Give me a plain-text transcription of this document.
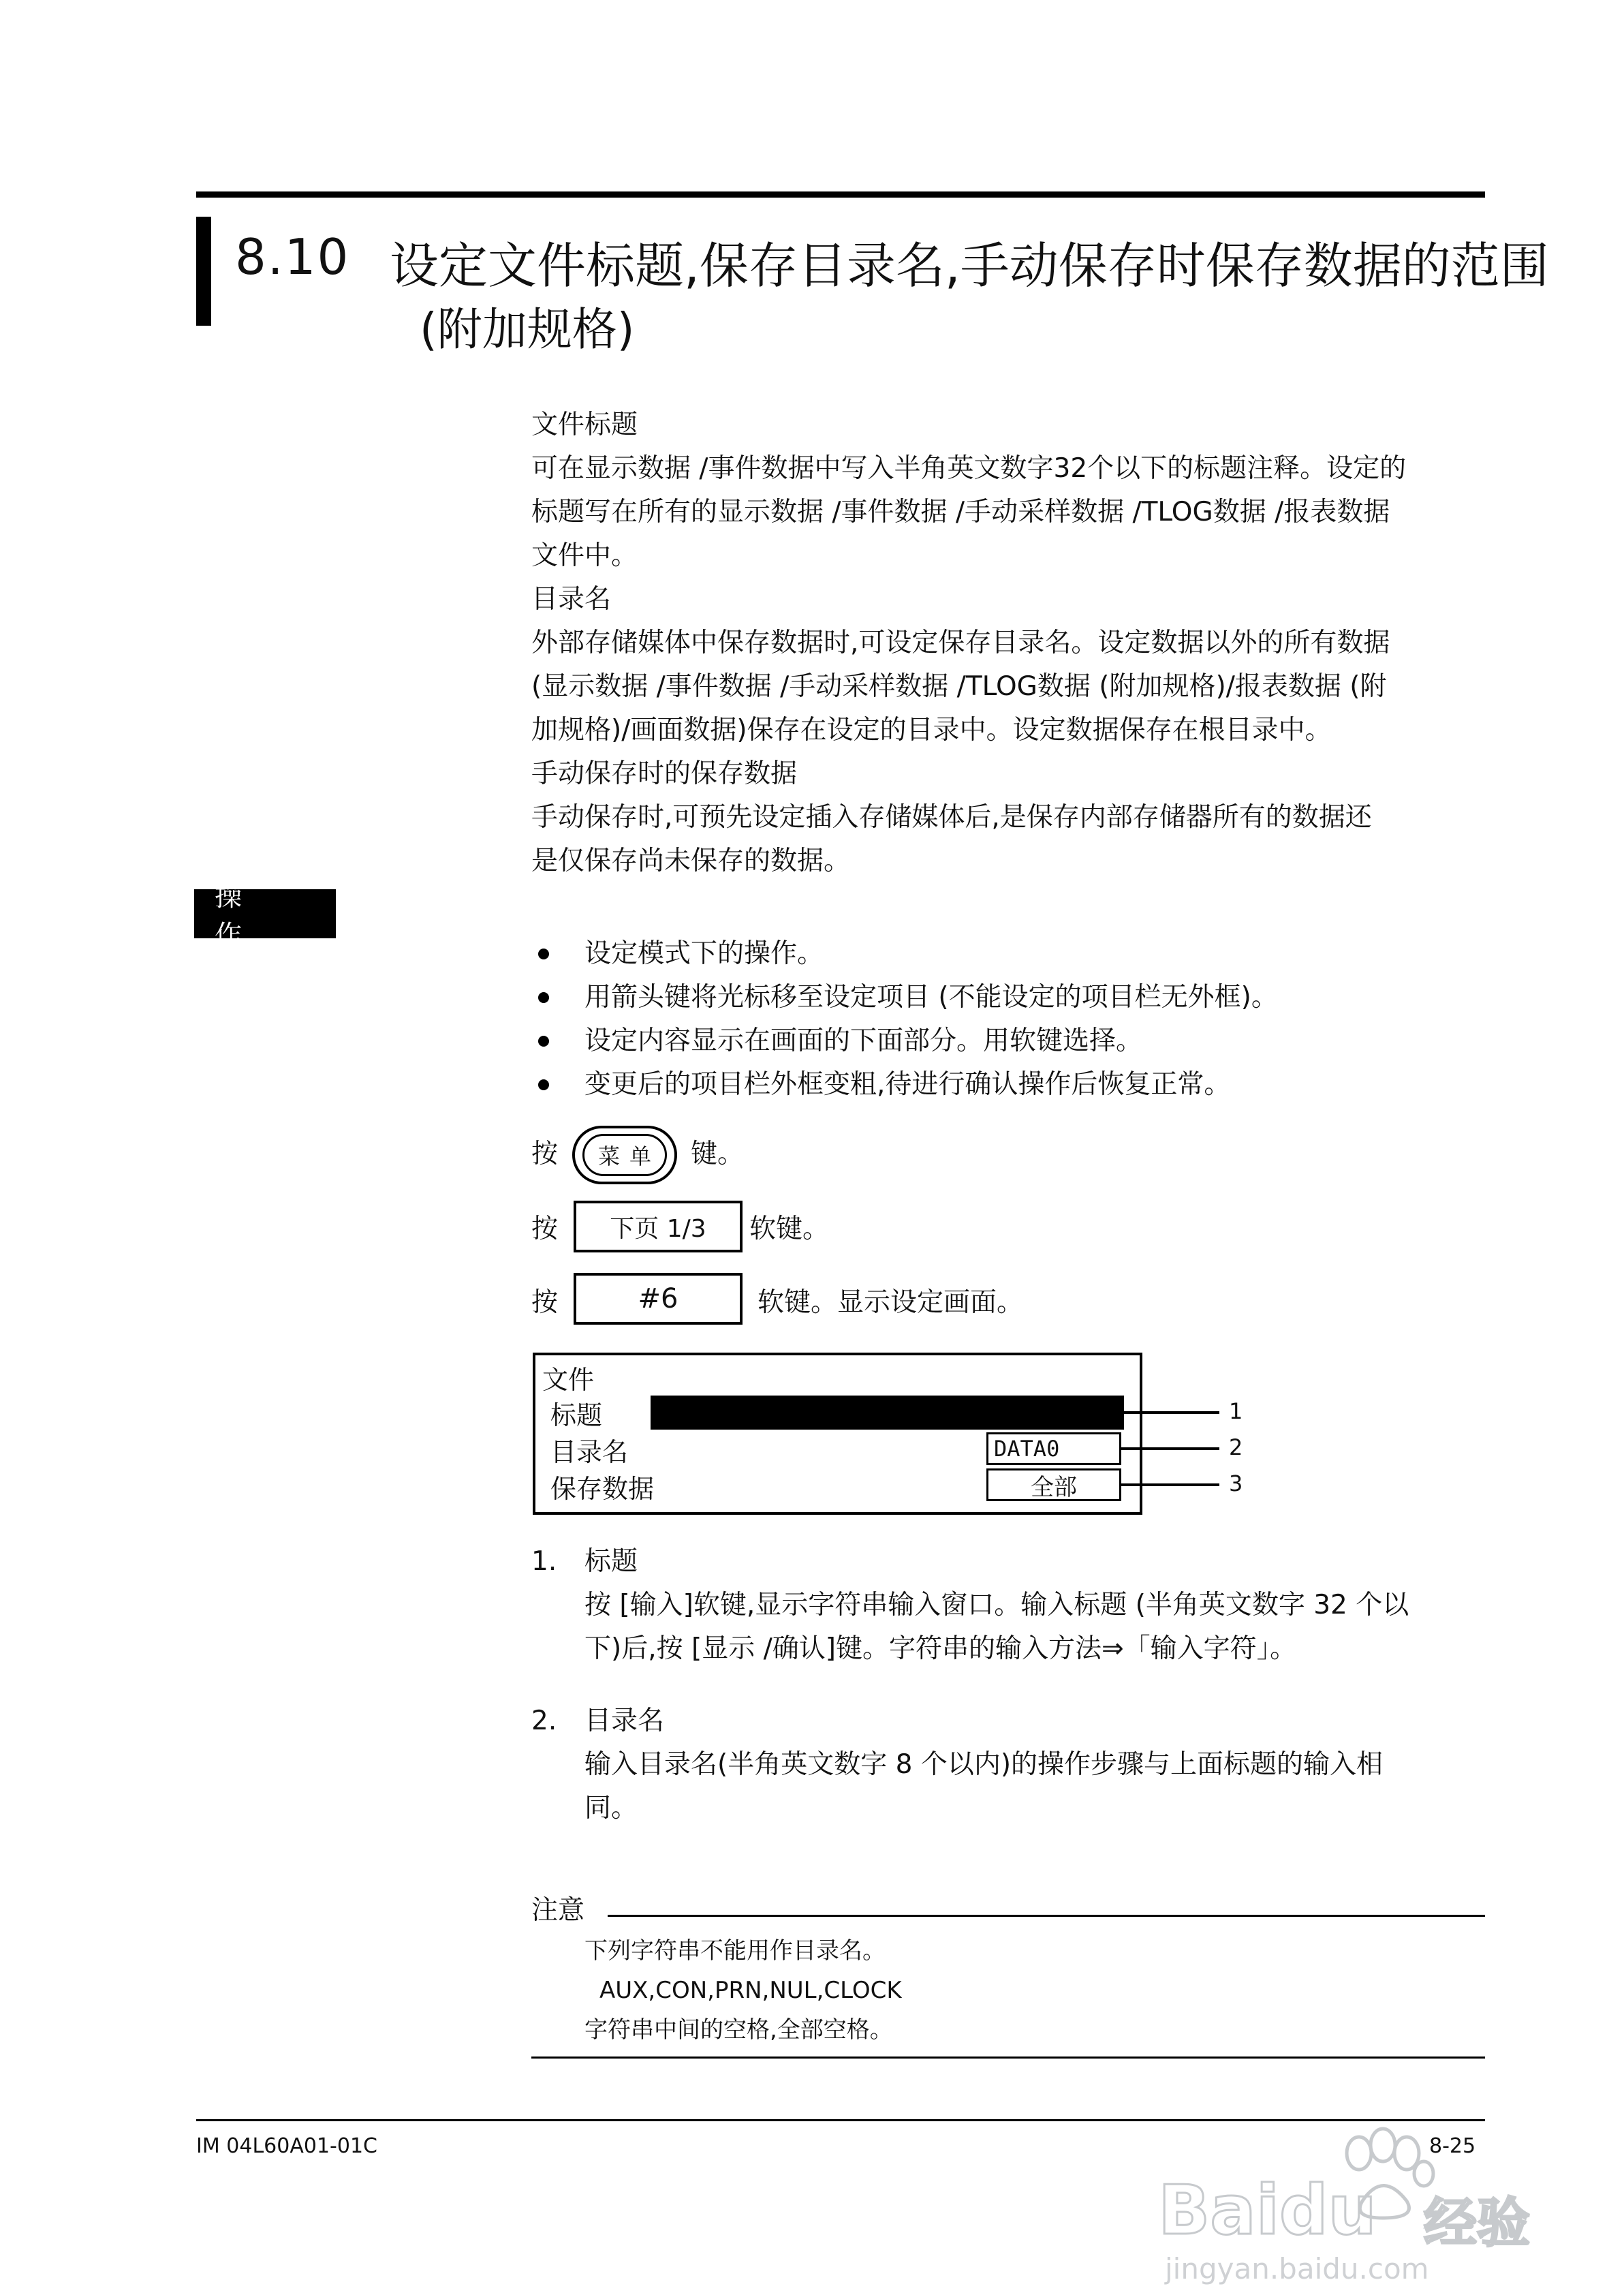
8.10 设定文件标题,保存目录名,手动保存时保存数据的范围
(附加规格)
文件标题
可在显示数据 /事件数据中写入半角英文数字32个以下的标题注释。设定的
标题写在所有的显示数据 /事件数据 /手动采样数据 /TLOG数据 /报表数据
文件中。
目录名
外部存储媒体中保存数据时,可设定保存目录名。设定数据以外的所有数据
(显示数据 /事件数据 /手动采样数据 /TLOG数据 (附加规格)/报表数据 (附
加规格)/画面数据)保存在设定的目录中。设定数据保存在根目录中。
手动保存时的保存数据
手动保存时,可预先设定插入存储媒体后,是保存内部存储器所有的数据还
是仅保存尚未保存的数据。
操作
设定模式下的操作。
用箭头键将光标移至设定项目 (不能设定的项目栏无外框)。
设定内容显示在画面的下面部分。用软键选择。
变更后的项目栏外框变粗,待进行确认操作后恢复正常。
按	菜单 键。
按	下页 1/3	软键。
按	#6	软键。显示设定画面。
文件
标题
目录名	DATA0
保存数据	全部
1
2
3
1. 标题
按 [输入]软键,显示字符串输入窗口。输入标题 (半角英文数字 32 个以
下)后,按 [显示 /确认]键。字符串的输入方法⇒「输入字符」。
2. 目录名
输入目录名(半角英文数字 8 个以内)的操作步骤与上面标题的输入相
同。
注意
下列字符串不能用作目录名。
AUX,CON,PRN,NUL,CLOCK
字符串中间的空格,全部空格。
IM 04L60A01-01C	8-25
Baidu 经验
jingyan.baidu.com
